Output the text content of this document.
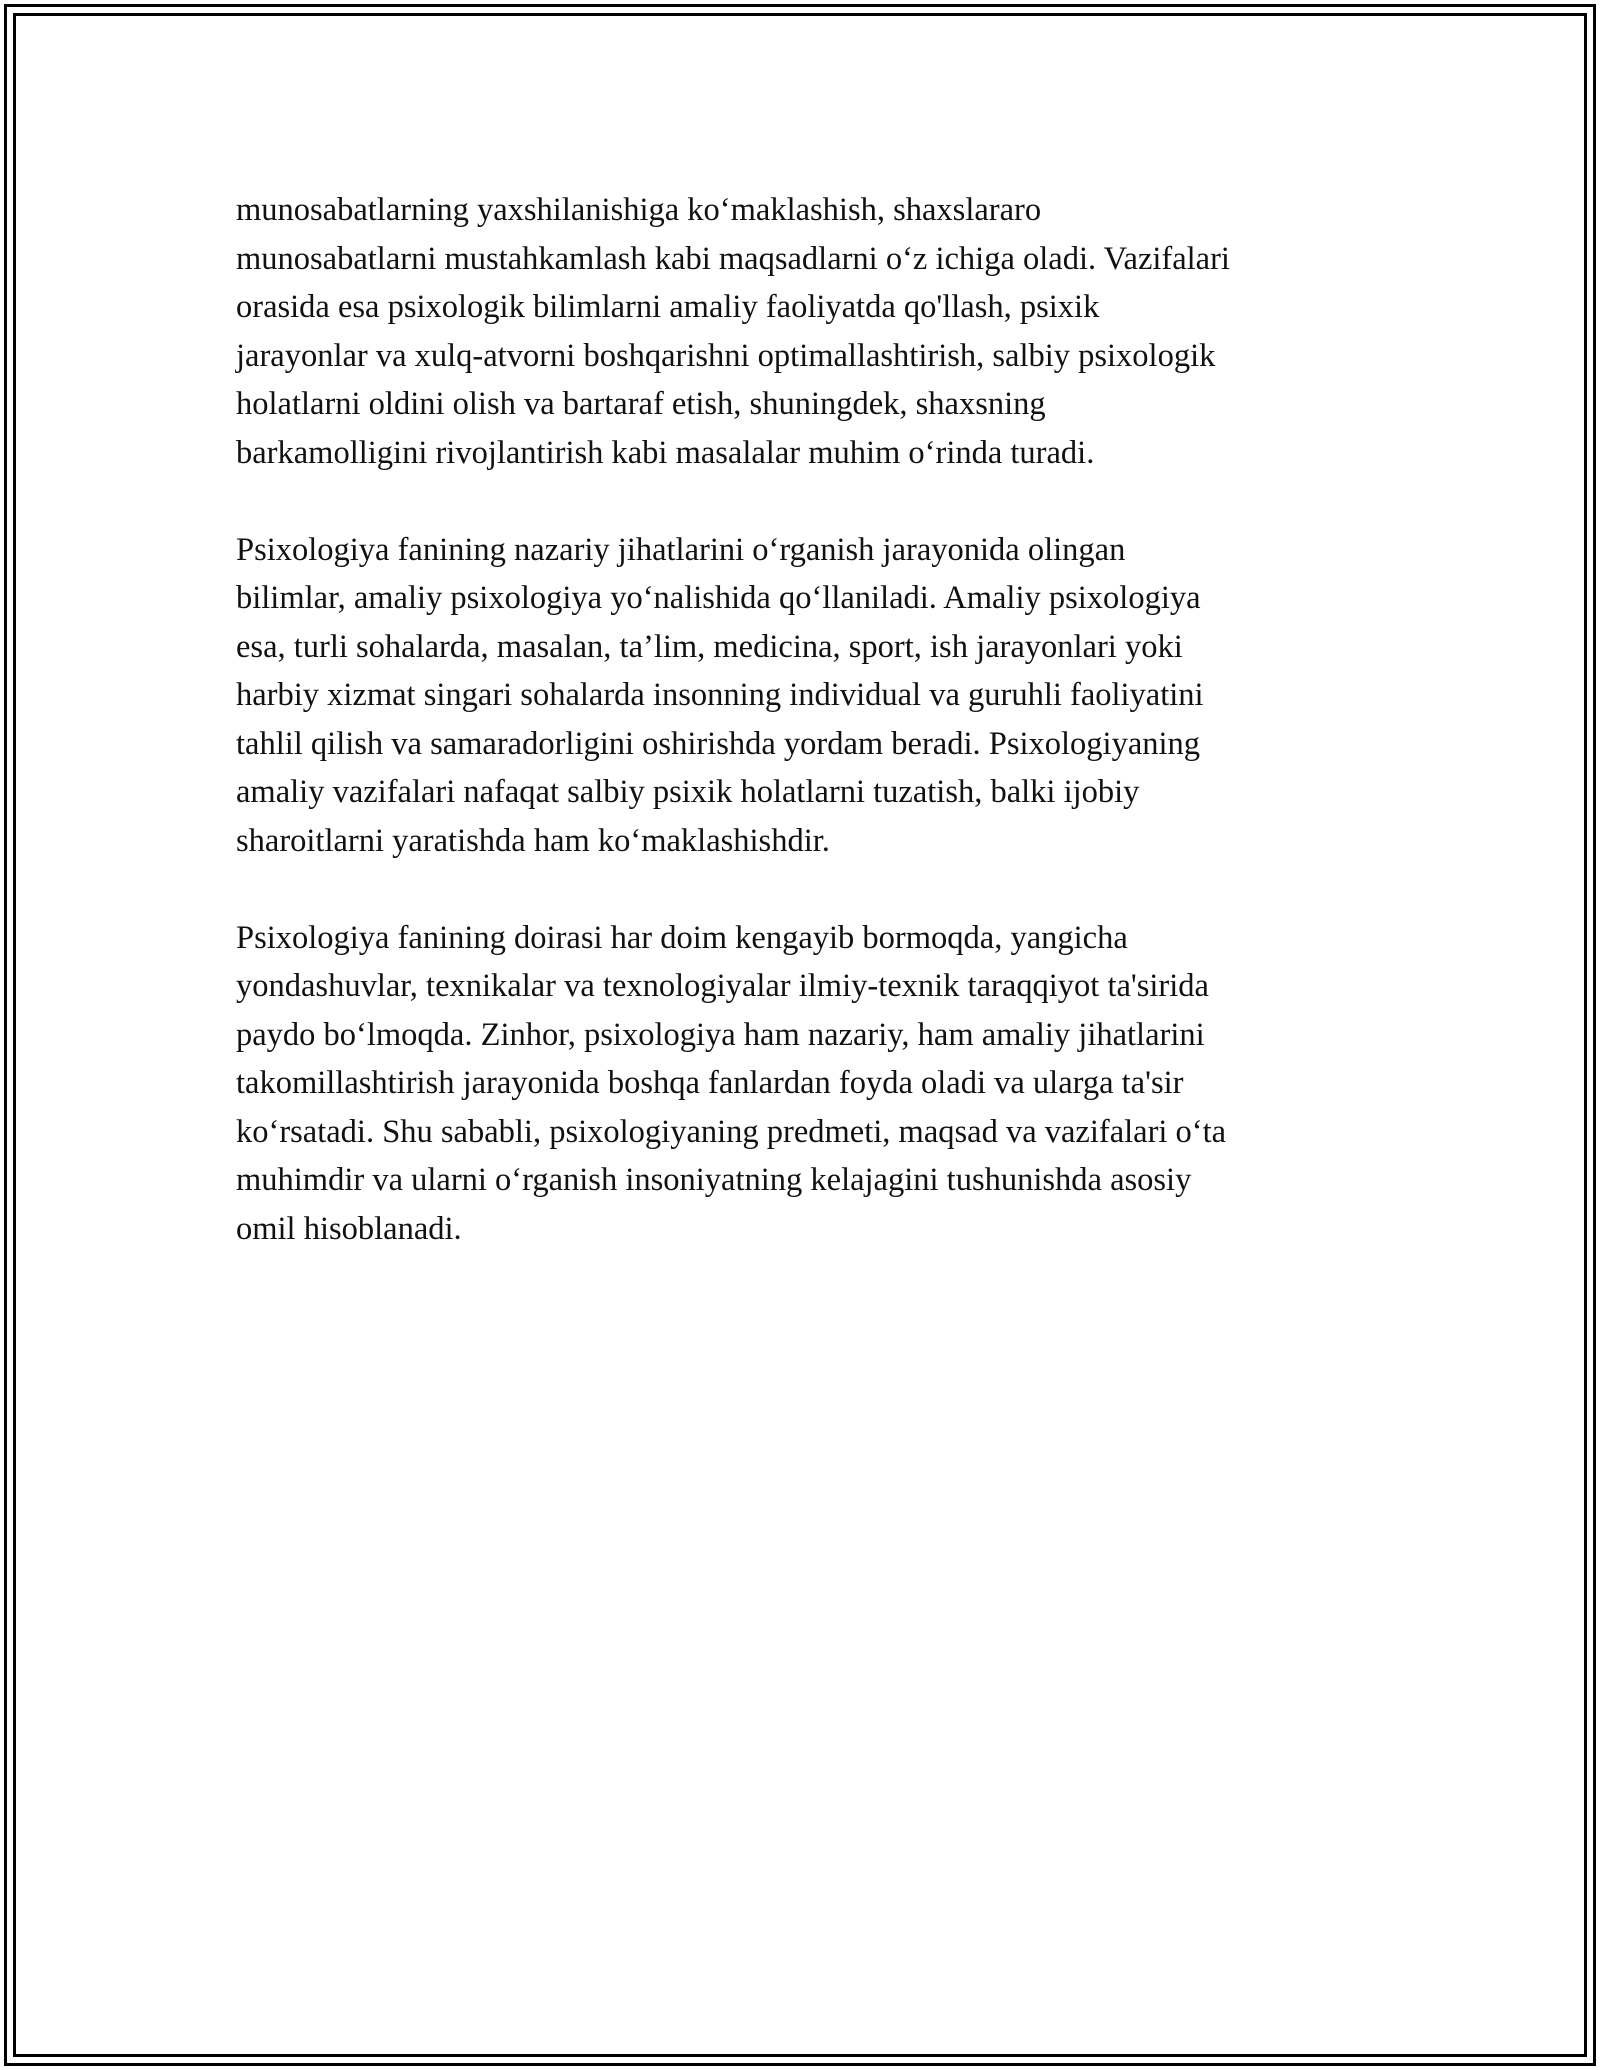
munosabatlarning yaxshilanishiga ko‘maklashish, shaxslararo
munosabatlarni mustahkamlash kabi maqsadlarni o‘z ichiga oladi. Vazifalari
orasida esa psixologik bilimlarni amaliy faoliyatda qo'llash, psixik
jarayonlar va xulq-atvorni boshqarishni optimallashtirish, salbiy psixologik
holatlarni oldini olish va bartaraf etish, shuningdek, shaxsning
barkamolligini rivojlantirish kabi masalalar muhim o‘rinda turadi.

Psixologiya fanining nazariy jihatlarini o‘rganish jarayonida olingan
bilimlar, amaliy psixologiya yo‘nalishida qo‘llaniladi. Amaliy psixologiya
esa, turli sohalarda, masalan, ta’lim, medicina, sport, ish jarayonlari yoki
harbiy xizmat singari sohalarda insonning individual va guruhli faoliyatini
tahlil qilish va samaradorligini oshirishda yordam beradi. Psixologiyaning
amaliy vazifalari nafaqat salbiy psixik holatlarni tuzatish, balki ijobiy
sharoitlarni yaratishda ham ko‘maklashishdir.

Psixologiya fanining doirasi har doim kengayib bormoqda, yangicha
yondashuvlar, texnikalar va texnologiyalar ilmiy-texnik taraqqiyot ta'sirida
paydo bo‘lmoqda. Zinhor, psixologiya ham nazariy, ham amaliy jihatlarini
takomillashtirish jarayonida boshqa fanlardan foyda oladi va ularga ta'sir
ko‘rsatadi. Shu sababli, psixologiyaning predmeti, maqsad va vazifalari o‘ta
muhimdir va ularni o‘rganish insoniyatning kelajagini tushunishda asosiy
omil hisoblanadi.
